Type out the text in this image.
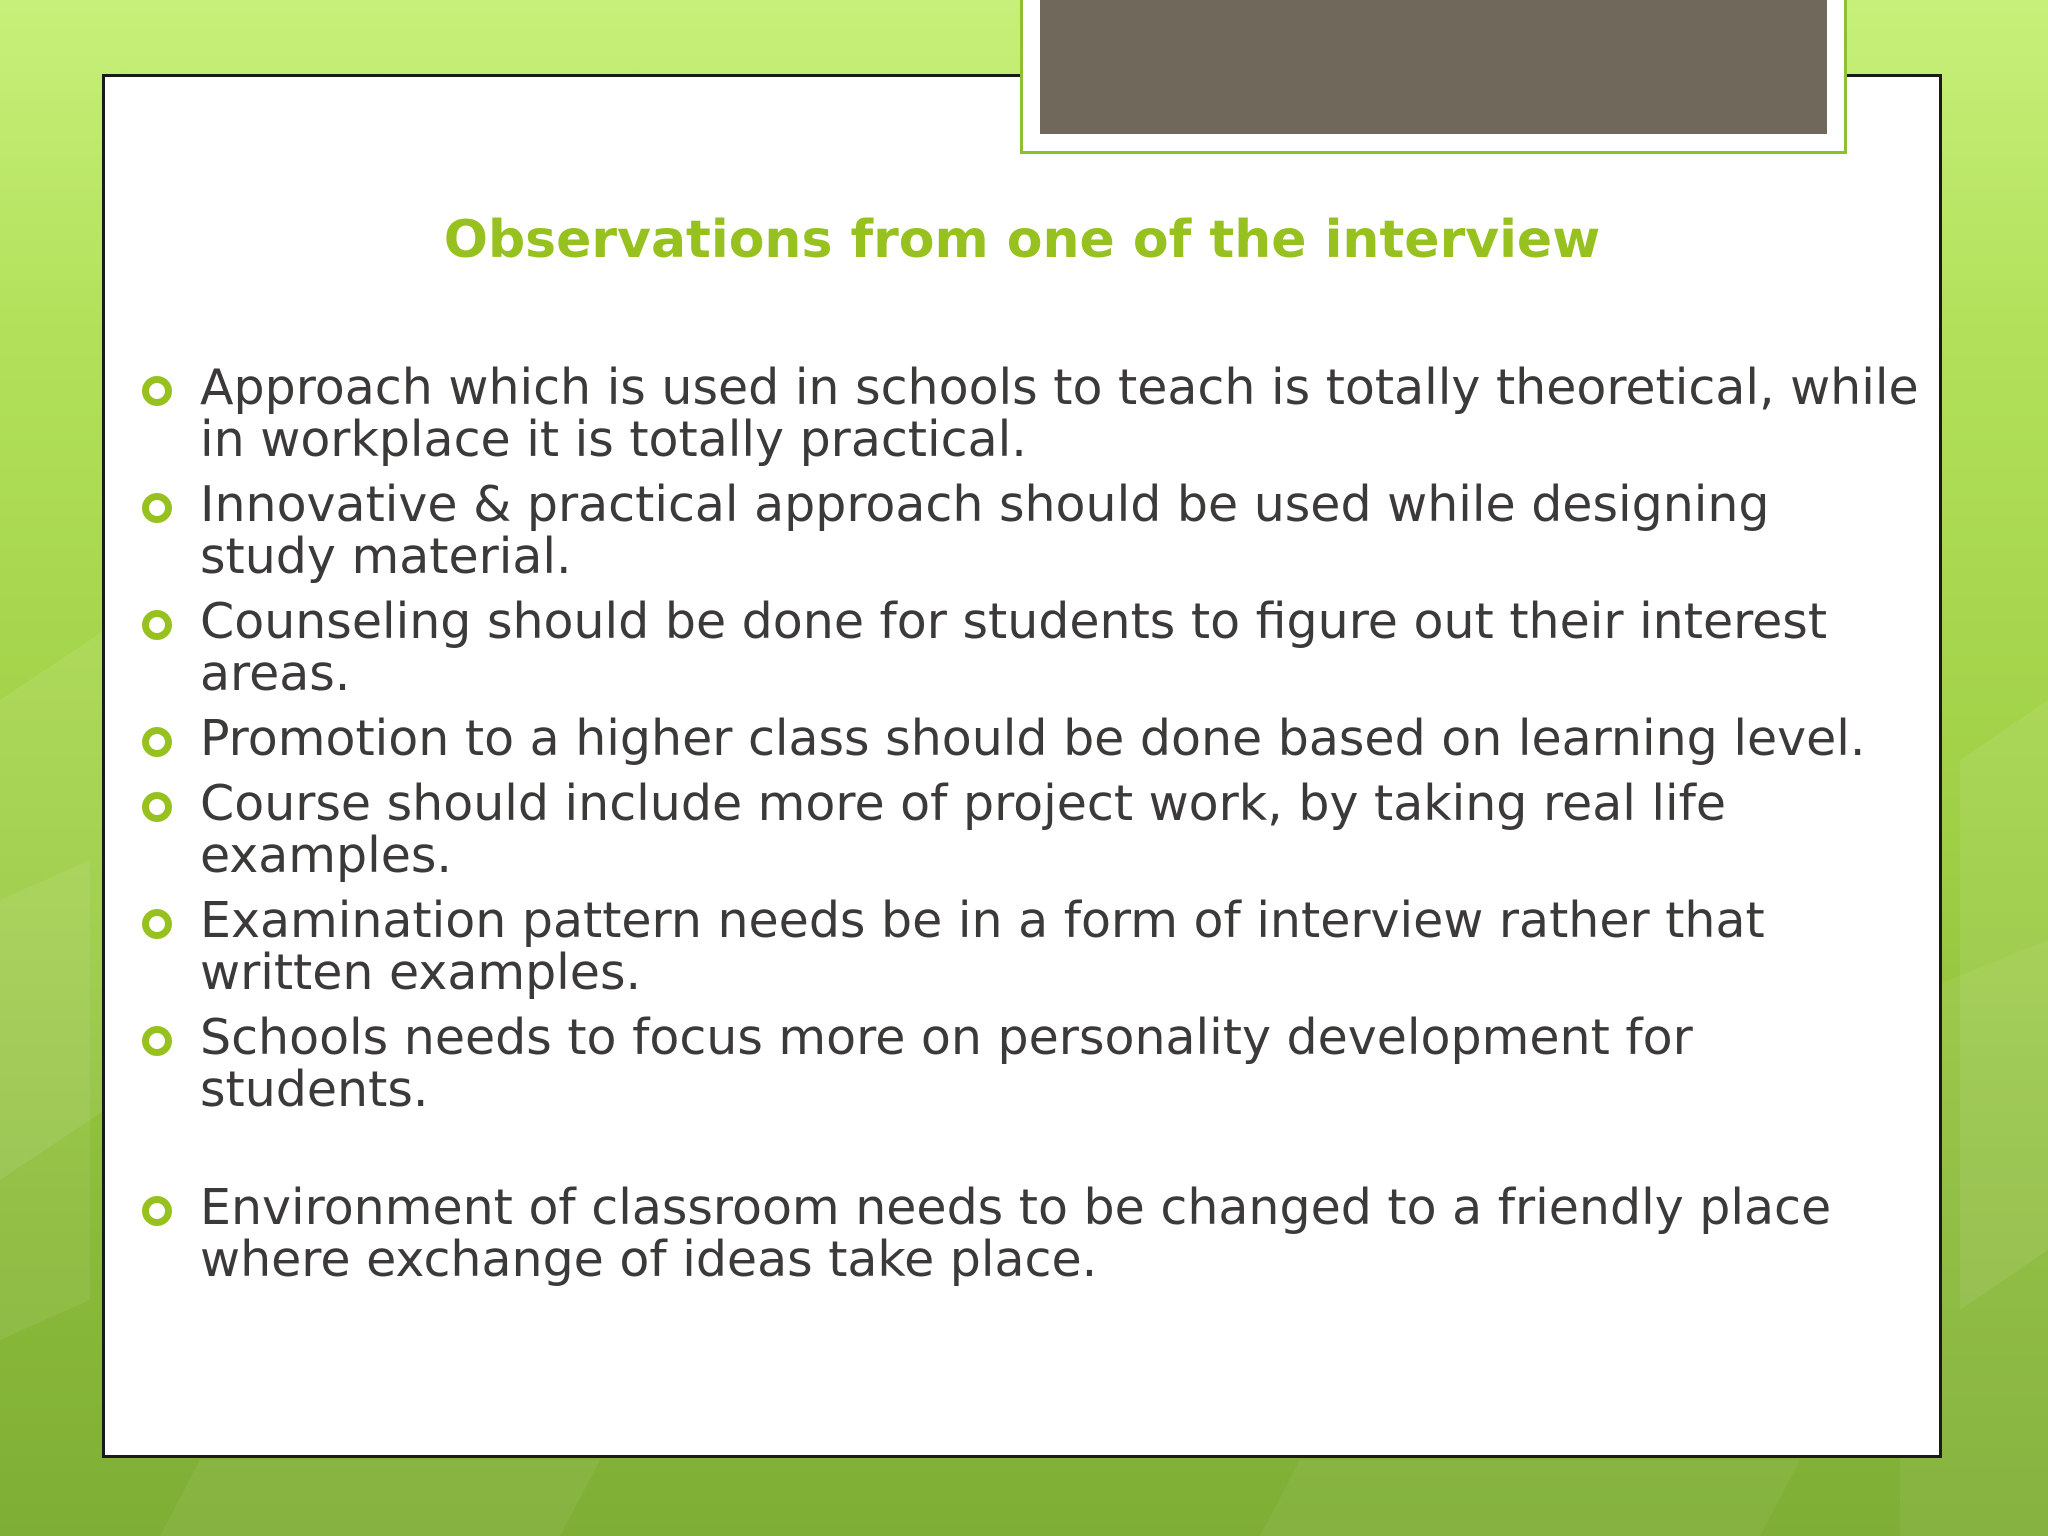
Observations from one of the interview
Approach which is used in schools to teach is totally theoretical, while in workplace it is totally practical.
Innovative & practical approach should be used while designing study material.
Counseling should be done for students to figure out their interest areas.
Promotion to a higher class should be done based on learning level.
Course should include more of project work, by taking real life examples.
Examination pattern needs be in a form of interview rather that written examples.
Schools needs to focus more on personality development for students.
Environment of classroom needs to be changed to a friendly place where exchange of ideas take place.
